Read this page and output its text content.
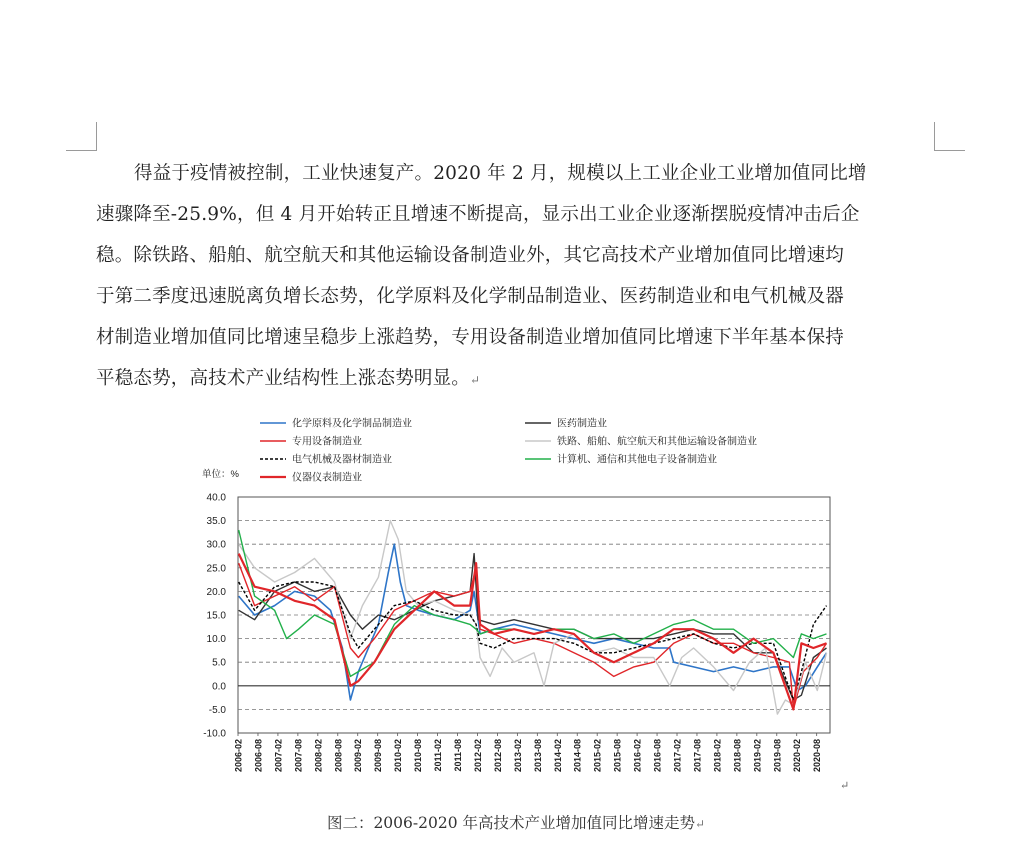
得益于疫情被控制，工业快速复产。2020 年 2 月，规模以上工业企业工业增加值同比增
速骤降至-25.9%，但 4 月开始转正且增速不断提高，显示出工业企业逐渐摆脱疫情冲击后企
稳。除铁路、船舶、航空航天和其他运输设备制造业外，其它高技术产业增加值同比增速均
于第二季度迅速脱离负增长态势，化学原料及化学制品制造业、医药制造业和电气机械及器
材制造业增加值同比增速呈稳步上涨趋势，专用设备制造业增加值同比增速下半年基本保持
平稳态势，高技术产业结构性上涨态势明显。↵

40.0
35.0
30.0
25.0
20.0
15.0
10.0
5.0
0.0
-5.0
-10.0
单位：%
2006-02 2006-08 2007-02 2007-08 2008-02 2008-08 2009-02 2009-08 2010-02 2010-08 2011-02 2011-08 2012-02 2012-08 2013-02 2013-08 2014-02 2014-08 2015-02 2015-08 2016-02 2016-08 2017-02 2017-08 2018-02 2018-08 2019-02 2019-08 2020-02 2020-08
化学原料及化学制品制造业	医药制造业
专用设备制造业	铁路、船舶、航空航天和其他运输设备制造业
电气机械及器材制造业	计算机、通信和其他电子设备制造业
仪器仪表制造业
↵
图二：2006-2020 年高技术产业增加值同比增速走势↵
